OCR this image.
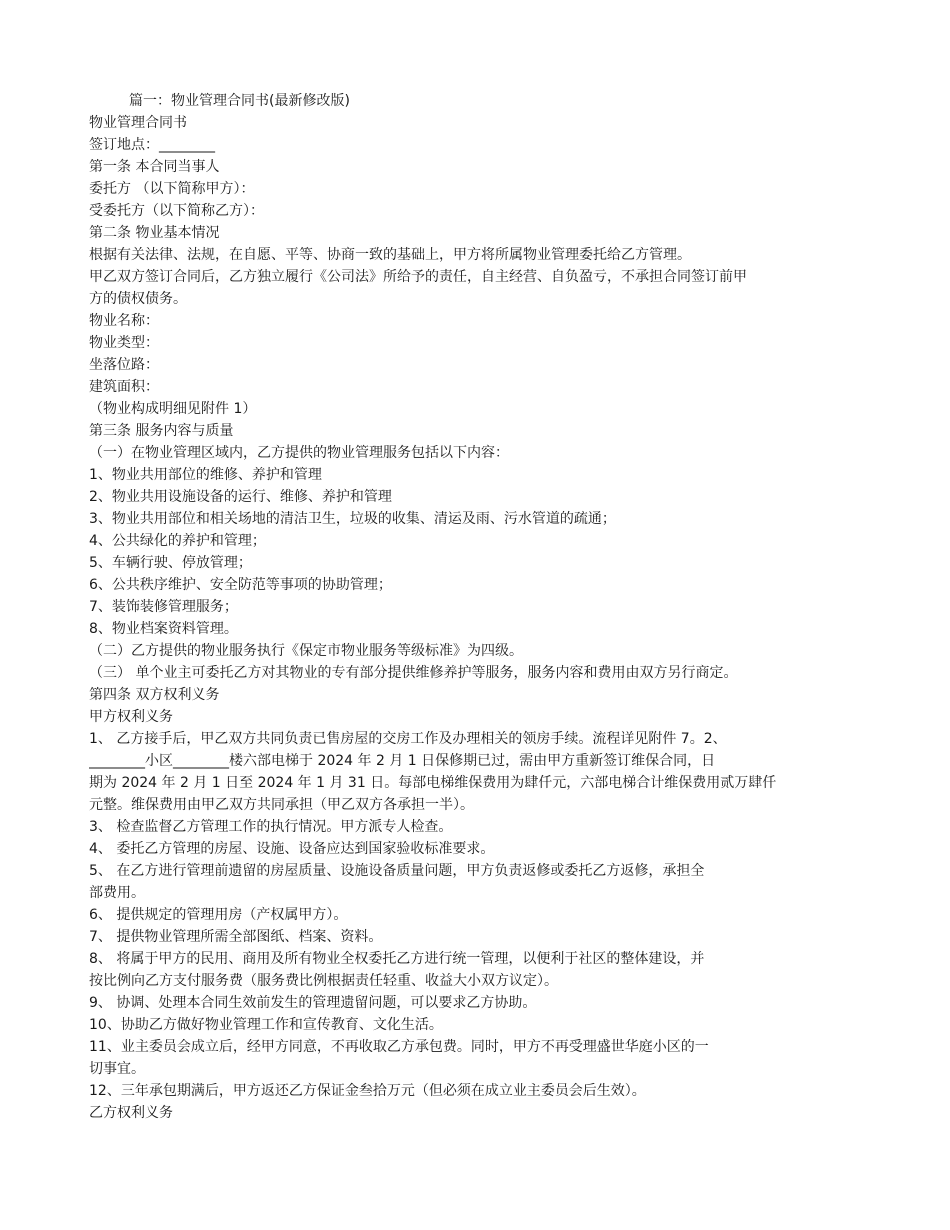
篇一：物业管理合同书(最新修改版)
物业管理合同书
签订地点：________
第一条 本合同当事人
委托方 （以下简称甲方）：
受委托方（以下简称乙方）：
第二条 物业基本情况
根据有关法律、法规，在自愿、平等、协商一致的基础上，甲方将所属物业管理委托给乙方管理。
甲乙双方签订合同后，乙方独立履行《公司法》所给予的责任，自主经营、自负盈亏，不承担合同签订前甲
方的债权债务。
物业名称：
物业类型：
坐落位路：
建筑面积：
（物业构成明细见附件 1）
第三条 服务内容与质量
（一）在物业管理区域内，乙方提供的物业管理服务包括以下内容：
1、物业共用部位的维修、养护和管理
2、物业共用设施设备的运行、维修、养护和管理
3、物业共用部位和相关场地的清洁卫生，垃圾的收集、清运及雨、污水管道的疏通；
4、公共绿化的养护和管理；
5、车辆行驶、停放管理；
6、公共秩序维护、安全防范等事项的协助管理；
7、装饰装修管理服务；
8、物业档案资料管理。
（二）乙方提供的物业服务执行《保定市物业服务等级标准》为四级。
（三） 单个业主可委托乙方对其物业的专有部分提供维修养护等服务，服务内容和费用由双方另行商定。
第四条 双方权利义务
甲方权利义务
1、 乙方接手后，甲乙双方共同负责已售房屋的交房工作及办理相关的领房手续。流程详见附件 7。2、
________小区________楼六部电梯于 2024 年 2 月 1 日保修期已过，需由甲方重新签订维保合同，日
期为 2024 年 2 月 1 日至 2024 年 1 月 31 日。每部电梯维保费用为肆仟元，六部电梯合计维保费用贰万肆仟
元整。维保费用由甲乙双方共同承担（甲乙双方各承担一半）。
3、 检查监督乙方管理工作的执行情况。甲方派专人检查。
4、 委托乙方管理的房屋、设施、设备应达到国家验收标准要求。
5、 在乙方进行管理前遗留的房屋质量、设施设备质量问题，甲方负责返修或委托乙方返修，承担全
部费用。
6、 提供规定的管理用房（产权属甲方）。
7、 提供物业管理所需全部图纸、档案、资料。
8、 将属于甲方的民用、商用及所有物业全权委托乙方进行统一管理，以便利于社区的整体建设，并
按比例向乙方支付服务费（服务费比例根据责任轻重、收益大小双方议定）。
9、 协调、处理本合同生效前发生的管理遗留问题，可以要求乙方协助。
10、协助乙方做好物业管理工作和宣传教育、文化生活。
11、业主委员会成立后，经甲方同意，不再收取乙方承包费。同时，甲方不再受理盛世华庭小区的一
切事宜。
12、三年承包期满后，甲方返还乙方保证金叁拾万元（但必须在成立业主委员会后生效）。
乙方权利义务
